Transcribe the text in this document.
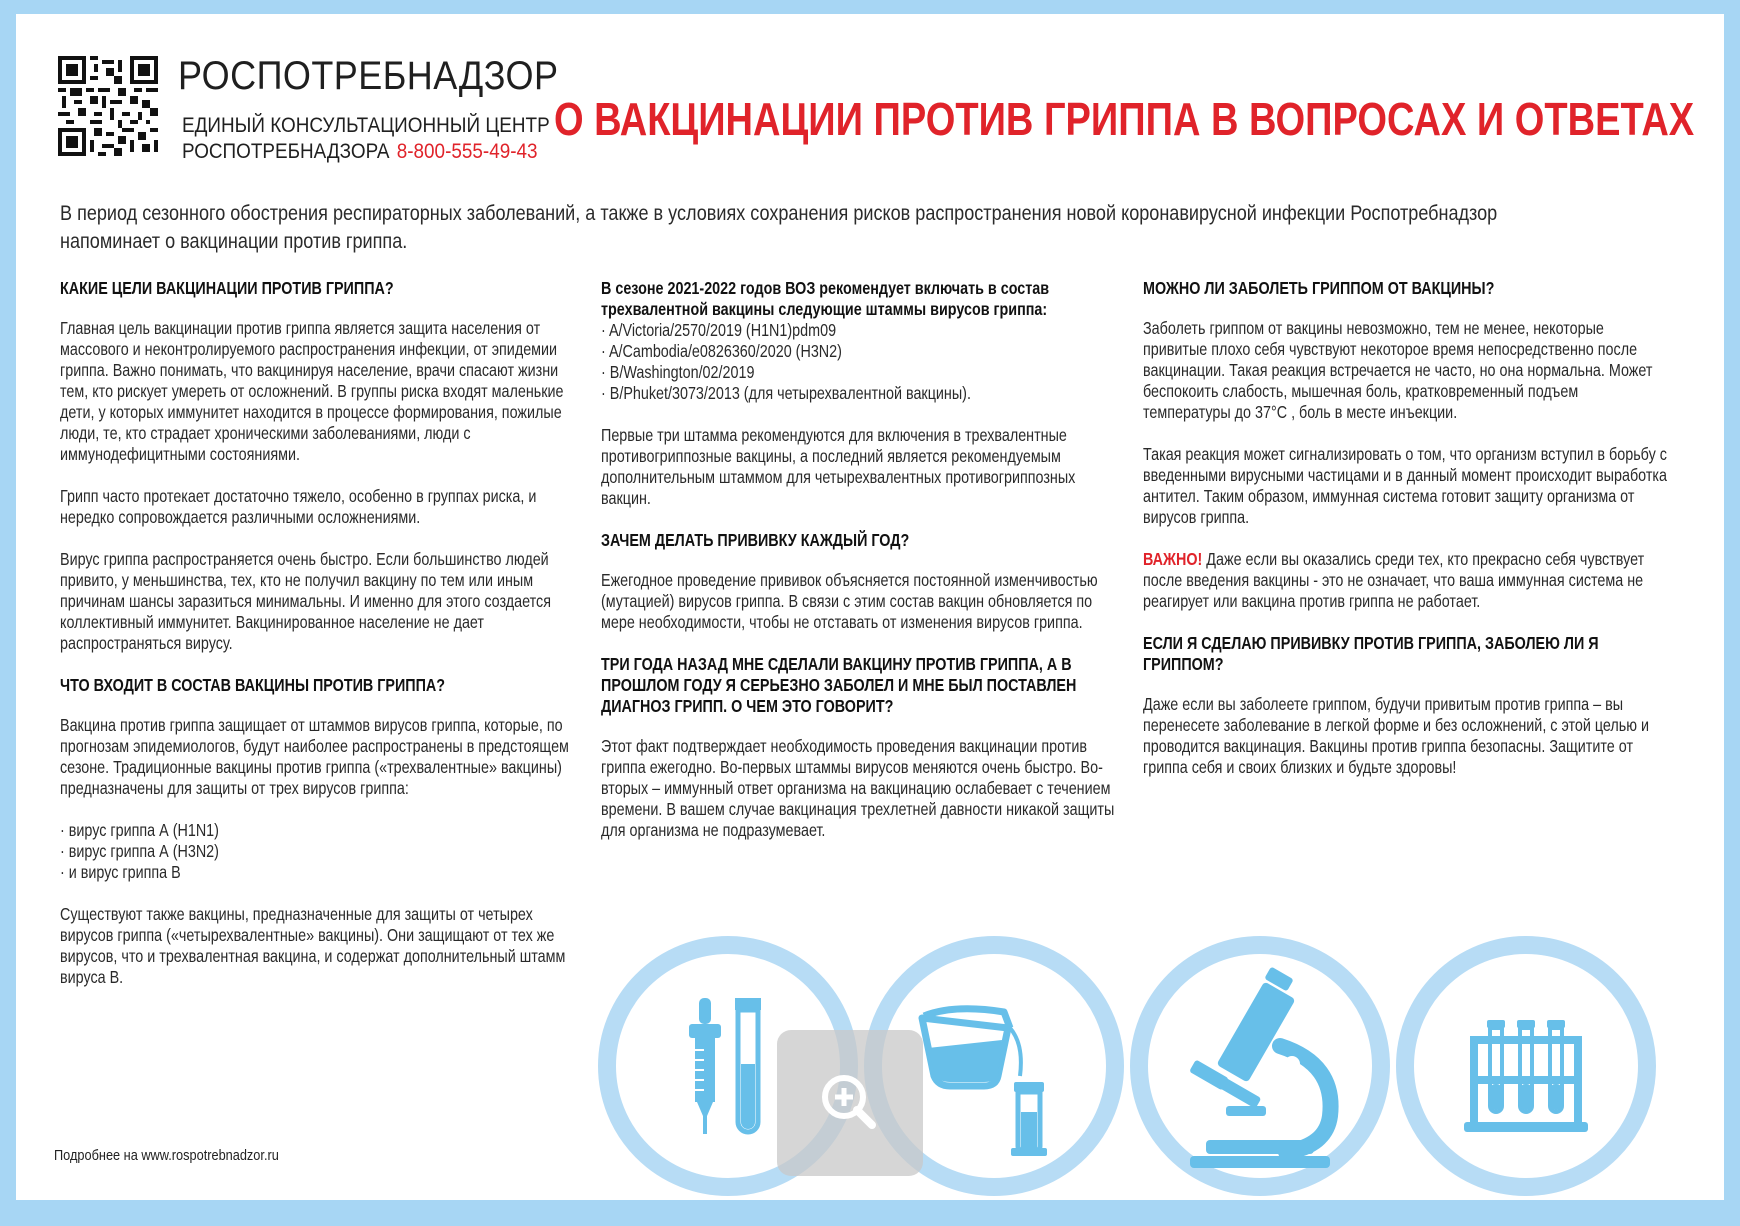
РОСПОТРЕБНАДЗОР
ЕДИНЫЙ КОНСУЛЬТАЦИОННЫЙ ЦЕНТР
РОСПОТРЕБНАДЗОРА 8-800-555-49-43
О ВАКЦИНАЦИИ ПРОТИВ ГРИППА В ВОПРОСАХ И ОТВЕТАХ
В период сезонного обострения респираторных заболеваний, а также в условиях сохранения рисков распространения новой коронавирусной инфекции Роспотребнадзор напоминает о вакцинации против гриппа.
КАКИЕ ЦЕЛИ ВАКЦИНАЦИИ ПРОТИВ ГРИППА?

Главная цель вакцинации против гриппа является защита населения от массового и неконтролируемого распространения инфекции, от эпидемии гриппа. Важно понимать, что вакцинируя население, врачи спасают жизни тем, кто рискует умереть от осложнений. В группы риска входят маленькие дети, у которых иммунитет находится в процессе формирования, пожилые люди, те, кто страдает хроническими заболеваниями, люди с иммунодефицитными состояниями.

Грипп часто протекает достаточно тяжело, особенно в группах риска, и нередко сопровождается различными осложнениями.

Вирус гриппа распространяется очень быстро. Если большинство людей привито, у меньшинства, тех, кто не получил вакцину по тем или иным причинам шансы заразиться минимальны. И именно для этого создается коллективный иммунитет. Вакцинированное население не дает распространяться вирусу.

ЧТО ВХОДИТ В СОСТАВ ВАКЦИНЫ ПРОТИВ ГРИППА?

Вакцина против гриппа защищает от штаммов вирусов гриппа, которые, по прогнозам эпидемиологов, будут наиболее распространены в предстоящем сезоне. Традиционные вакцины против гриппа («трехвалентные» вакцины) предназначены для защиты от трех вирусов гриппа:

· вирус гриппа А (H1N1)
· вирус гриппа А (H3N2)
· и вирус гриппа В

Существуют также вакцины, предназначенные для защиты от четырех вирусов гриппа («четырехвалентные» вакцины). Они защищают от тех же вирусов, что и трехвалентная вакцина, и содержат дополнительный штамм вируса В.

В сезоне 2021-2022 годов ВОЗ рекомендует включать в состав трехвалентной вакцины следующие штаммы вирусов гриппа:
· A/Victoria/2570/2019 (H1N1)pdm09
· A/Cambodia/e0826360/2020 (H3N2)
· B/Washington/02/2019
· B/Phuket/3073/2013 (для четырехвалентной вакцины).

Первые три штамма рекомендуются для включения в трехвалентные противогриппозные вакцины, а последний является рекомендуемым дополнительным штаммом для четырехвалентных противогриппозных вакцин.

ЗАЧЕМ ДЕЛАТЬ ПРИВИВКУ КАЖДЫЙ ГОД?

Ежегодное проведение прививок объясняется постоянной изменчивостью (мутацией) вирусов гриппа. В связи с этим состав вакцин обновляется по мере необходимости, чтобы не отставать от изменения вирусов гриппа.

ТРИ ГОДА НАЗАД МНЕ СДЕЛАЛИ ВАКЦИНУ ПРОТИВ ГРИППА, А В ПРОШЛОМ ГОДУ Я СЕРЬЕЗНО ЗАБОЛЕЛ И МНЕ БЫЛ ПОСТАВЛЕН ДИАГНОЗ ГРИПП. О ЧЕМ ЭТО ГОВОРИТ?

Этот факт подтверждает необходимость проведения вакцинации против гриппа ежегодно. Во-первых штаммы вирусов меняются очень быстро. Во-вторых – иммунный ответ организма на вакцинацию ослабевает с течением времени. В вашем случае вакцинация трехлетней давности никакой защиты для организма не подразумевает.

МОЖНО ЛИ ЗАБОЛЕТЬ ГРИППОМ ОТ ВАКЦИНЫ?

Заболеть гриппом от вакцины невозможно, тем не менее, некоторые привитые плохо себя чувствуют некоторое время непосредственно после вакцинации. Такая реакция встречается не часто, но она нормальна. Может беспокоить слабость, мышечная боль, кратковременный подъем температуры до 37°С , боль в месте инъекции.

Такая реакция может сигнализировать о том, что организм вступил в борьбу с введенными вирусными частицами и в данный момент происходит выработка антител. Таким образом, иммунная система готовит защиту организма от вирусов гриппа.

ВАЖНО! Даже если вы оказались среди тех, кто прекрасно себя чувствует после введения вакцины - это не означает, что ваша иммунная система не реагирует или вакцина против гриппа не работает.

ЕСЛИ Я СДЕЛАЮ ПРИВИВКУ ПРОТИВ ГРИППА, ЗАБОЛЕЮ ЛИ Я ГРИППОМ?

Даже если вы заболеете гриппом, будучи привитым против гриппа – вы перенесете заболевание в легкой форме и без осложнений, с этой целью и проводится вакцинация. Вакцины против гриппа безопасны. Защитите от гриппа себя и своих близких и будьте здоровы!

Подробнее на www.rospotrebnadzor.ru
